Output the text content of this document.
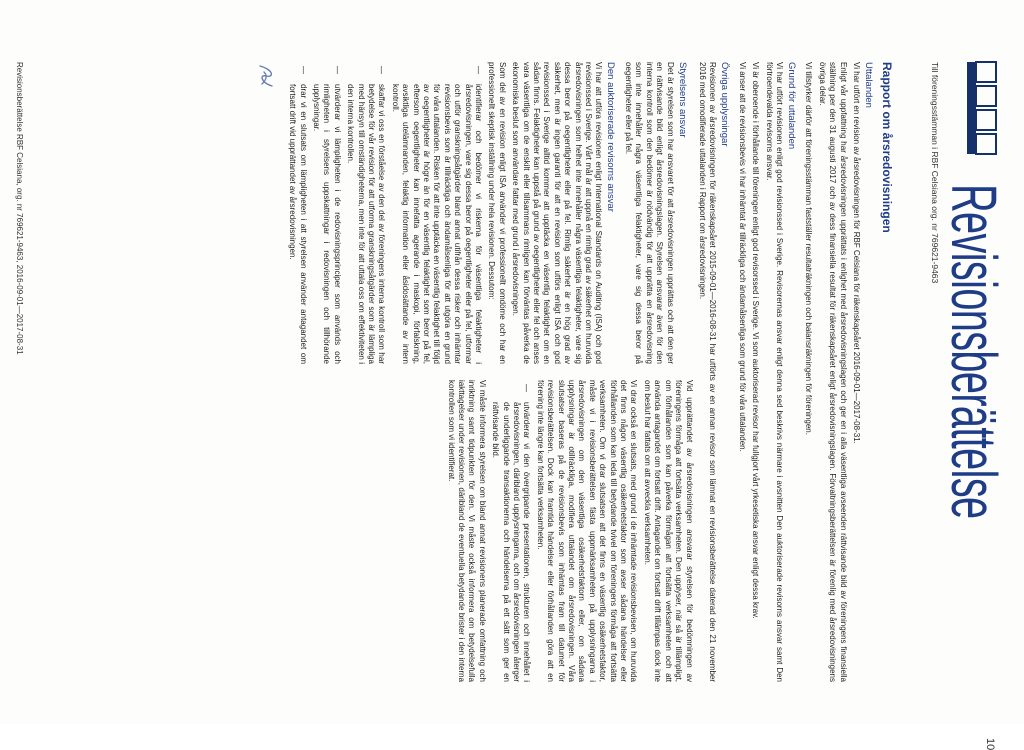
Revisionsberättelse
10
Till föreningsstämman i RBF Celsiana org. nr 769621-9463
Rapport om årsredovisningen
Uttalanden

Vi har utfört en revision av årsredovisningen för RBF Celsiana för räkenskapsåret 2016-09-01—2017-08-31.

Enligt vår uppfattning har årsredovisningen upprättats i enlighet med årsredovisningslagen och ger en i alla väsentliga avseenden rättvisande bild av föreningens finansiella ställning per den 31 augusti 2017 och av dess finansiella resultat för räkenskapsåret enligt årsredovisningslagen. Förvaltningsberättelsen är förenlig med årsredovisningens övriga delar.

Vi tillstyrker därför att föreningsstämman fastställer resultaträkningen och balansräkningen för föreningen.

Grund för uttalanden

Vi har utfört revisionen enligt god revisionssed i Sverige. Revisorernas ansvar enligt denna sed beskrivs närmare i avsnitten Den auktoriserade revisorns ansvar samt Den förtroendevalda revisorns ansvar.

Vi är oberoende i förhållande till föreningen enligt god revisorssed i Sverige. Vi som auktoriserad revisor har fullgjort vårt yrkesetiska ansvar enligt dessa krav.

Vi anser att de revisionsbevis vi har inhämtat är tillräckliga och ändamålsenliga som grund för våra uttalanden.

Övriga upplysningar

Revisionen av årsredovisningen för räkenskapsåret 2015-09-01—2016-08-31 har utförts av en annan revisor som lämnat en revisionsberättelse daterad den 21 november 2016 med omodifierade uttalanden i Rapport om årsredovisningen.

Styrelsens ansvar

Det är styrelsen som har ansvaret för att årsredovisningen upprättas och att den ger en rättvisande bild enligt årsredovisningslagen. Styrelsen ansvarar även för den interna kontroll som den bedömer är nödvändig för att upprätta en årsredovisning som inte innehåller några väsentliga felaktigheter, vare sig dessa beror på oegentligheter eller på fel.

Den auktoriserade revisorns ansvar

Vi har att utföra revisionen enligt International Standards on Auditing (ISA) och god revisionssed i Sverige. Vårt mål är att uppnå en rimlig grad av säkerhet om huruvida årsredovisningen som helhet inte innehåller några väsentliga felaktigheter, vare sig dessa beror på oegentligheter eller på fel. Rimlig säkerhet är en hög grad av säkerhet, men är ingen garanti för att en revision som utförs enligt ISA och god revisionssed i Sverige alltid kommer att upptäcka en väsentlig felaktighet om en sådan finns. Felaktigheter kan uppstå på grund av oegentligheter eller fel och anses vara väsentliga om de enskilt eller tillsammans rimligen kan förväntas påverka de ekonomiska beslut som användare fattar med grund i årsredovisningen.

Som del av en revision enligt ISA använder vi professionellt omdöme och har en professionellt skeptisk inställning under hela revisionen. Dessutom:

— identifierar och bedömer vi riskerna för väsentliga felaktigheter i årsredovisningen, vare sig dessa beror på oegentligheter eller på fel, utformar och utför granskningsåtgärder bland annat utifrån dessa risker och inhämtar revisionsbevis som är tillräckliga och ändamålsenliga för att utgöra en grund för våra uttalanden. Risken för att inte upptäcka en väsentlig felaktighet till följd av oegentligheter är högre än för en väsentlig felaktighet som beror på fel, eftersom oegentligheter kan innefatta agerande i maskopi, förfalskning, avsiktliga utelämnanden, felaktig information eller åsidosättande av intern kontroll.
— skaffar vi oss en förståelse av den del av föreningens interna kontroll som har betydelse för vår revision för att utforma granskningsåtgärder som är lämpliga med hänsyn till omständigheterna, men inte för att uttala oss om effektiviteten i den interna kontrollen.
— utvärderar vi lämpligheten i de redovisningsprinciper som används och rimligheten i styrelsens uppskattningar i redovisningen och tillhörande upplysningar.
— drar vi en slutsats om lämpligheten i att styrelsen använder antagandet om fortsatt drift vid upprättandet av årsredovisningen.

Vid upprättandet av årsredovisningen ansvarar styrelsen för bedömningen av föreningens förmåga att fortsätta verksamheten. Den upplyser, när så är tillämpligt, om förhållanden som kan påverka förmågan att fortsätta verksamheten och att använda antagandet om fortsatt drift. Antagandet om fortsatt drift tillämpas dock inte om beslut har fattats om att avveckla verksamheten.

Vi drar också en slutsats, med grund i de inhämtade revisionsbevisen, om huruvida det finns någon väsentlig osäkerhetsfaktor som avser sådana händelser eller förhållanden som kan leda till betydande tvivel om föreningens förmåga att fortsätta verksamheten. Om vi drar slutsatsen att det finns en väsentlig osäkerhetsfaktor, måste vi i revisionsberättelsen fästa uppmärksamheten på upplysningarna i årsredovisningen om den väsentliga osäkerhetsfaktorn eller, om sådana upplysningar är otillräckliga, modifiera uttalandet om årsredovisningen. Våra slutsatser baseras på de revisionsbevis som inhämtas fram till datumet för revisionsberättelsen. Dock kan framtida händelser eller förhållanden göra att en förening inte längre kan fortsätta verksamheten.

— utvärderar vi den övergripande presentationen, strukturen och innehållet i årsredovisningen, däribland upplysningarna, och om årsredovisningen återger de underliggande transaktionerna och händelserna på ett sätt som ger en rättvisande bild.

Vi måste informera styrelsen om bland annat revisionens planerade omfattning och inriktning samt tidpunkten för den. Vi måste också informera om betydelsefulla iakttagelser under revisionen, däribland de eventuella betydande brister i den interna kontrollen som vi identifierat.

Revisionsberättelse RBF Celsiana, org. nr 769621-9463, 2016-09-01—2017-08-31
